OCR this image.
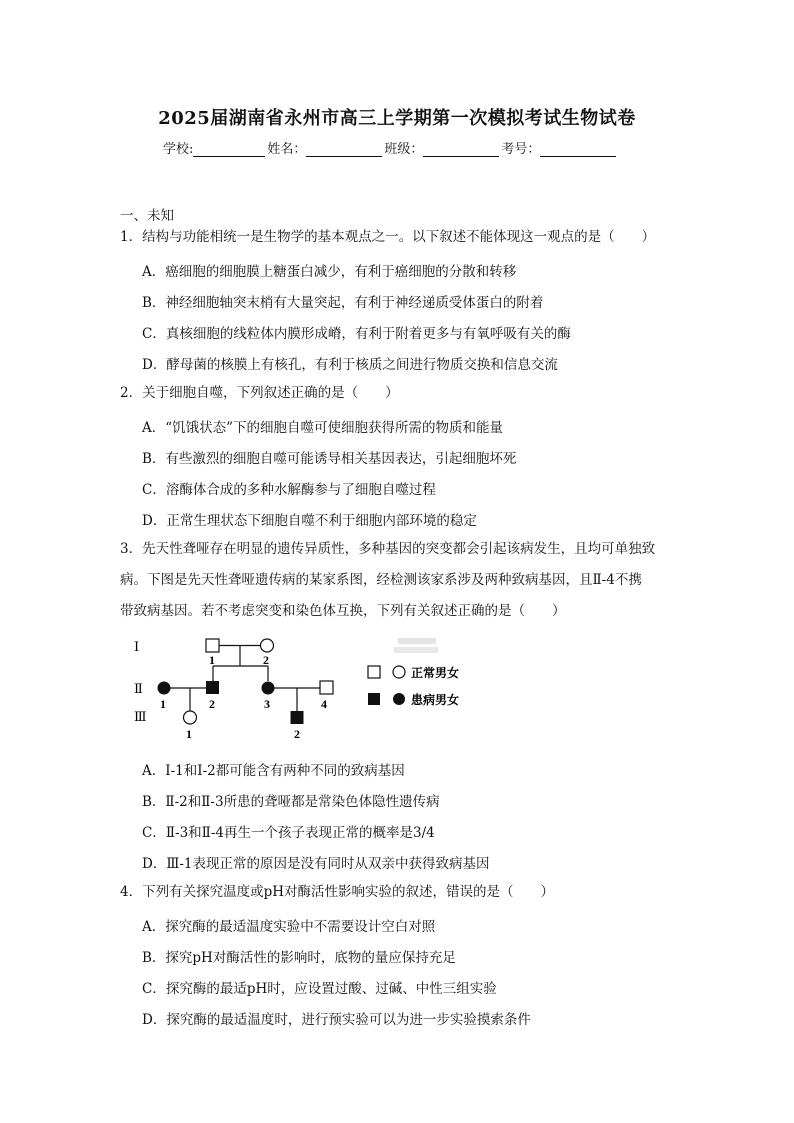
2025届湖南省永州市高三上学期第一次模拟考试生物试卷
学校:	姓名：	班级：	考号：
一、未知
1．结构与功能相统一是生物学的基本观点之一。以下叙述不能体现这一观点的是（　　）
A．癌细胞的细胞膜上糖蛋白减少，有利于癌细胞的分散和转移
B．神经细胞轴突末梢有大量突起，有利于神经递质受体蛋白的附着
C．真核细胞的线粒体内膜形成嵴，有利于附着更多与有氧呼吸有关的酶
D．酵母菌的核膜上有核孔，有利于核质之间进行物质交换和信息交流
2．关于细胞自噬，下列叙述正确的是（　　）
A．“饥饿状态”下的细胞自噬可使细胞获得所需的物质和能量
B．有些激烈的细胞自噬可能诱导相关基因表达，引起细胞坏死
C．溶酶体合成的多种水解酶参与了细胞自噬过程
D．正常生理状态下细胞自噬不利于细胞内部环境的稳定
3．先天性聋哑存在明显的遗传异质性，多种基因的突变都会引起该病发生，且均可单独致
病。下图是先天性聋哑遗传病的某家系图，经检测该家系涉及两种致病基因，且Ⅱ-4不携
带致病基因。若不考虑突变和染色体互换，下列有关叙述正确的是（　　）
Ⅰ
Ⅱ
Ⅲ
1	2
1	2	3	4
1	2
正常男女
患病男女
A．Ⅰ-1和Ⅰ-2都可能含有两种不同的致病基因
B．Ⅱ-2和Ⅱ-3所患的聋哑都是常染色体隐性遗传病
C．Ⅱ-3和Ⅱ-4再生一个孩子表现正常的概率是3/4
D．Ⅲ-1表现正常的原因是没有同时从双亲中获得致病基因
4．下列有关探究温度或pH对酶活性影响实验的叙述，错误的是（　　）
A．探究酶的最适温度实验中不需要设计空白对照
B．探究pH对酶活性的影响时，底物的量应保持充足
C．探究酶的最适pH时，应设置过酸、过碱、中性三组实验
D．探究酶的最适温度时，进行预实验可以为进一步实验摸索条件
